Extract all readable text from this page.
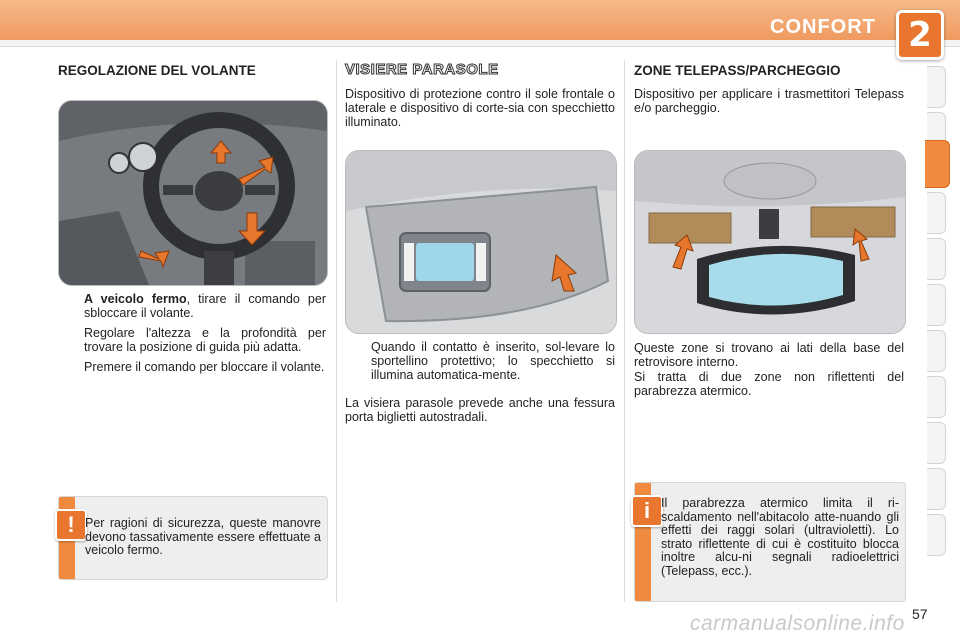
CONFORT 2
REGOLAZIONE DEL VOLANTE
A veicolo fermo, tirare il comando per sbloccare il volante.
Regolare l'altezza e la profondità per trovare la posizione di guida più adatta.
Premere il comando per bloccare il volante.
! Per ragioni di sicurezza, queste manovre devono tassativamente essere effettuate a veicolo fermo.
VISIERE PARASOLE
Dispositivo di protezione contro il sole frontale o laterale e dispositivo di corte-sia con specchietto illuminato.
Quando il contatto è inserito, sol-levare lo sportellino protettivo; lo specchietto si illumina automatica-mente.
La visiera parasole prevede anche una fessura porta biglietti autostradali.
ZONE TELEPASS/PARCHEGGIO
Dispositivo per applicare i trasmettitori Telepass e/o parcheggio.
Queste zone si trovano ai lati della base del retrovisore interno.
Si tratta di due zone non riflettenti del parabrezza atermico.
i Il parabrezza atermico limita il ri-scaldamento nell'abitacolo atte-nuando gli effetti dei raggi solari (ultravioletti). Lo strato riflettente di cui è costituito blocca inoltre alcu-ni segnali radioelettrici (Telepass, ecc.).
carmanualsonline.info 57
